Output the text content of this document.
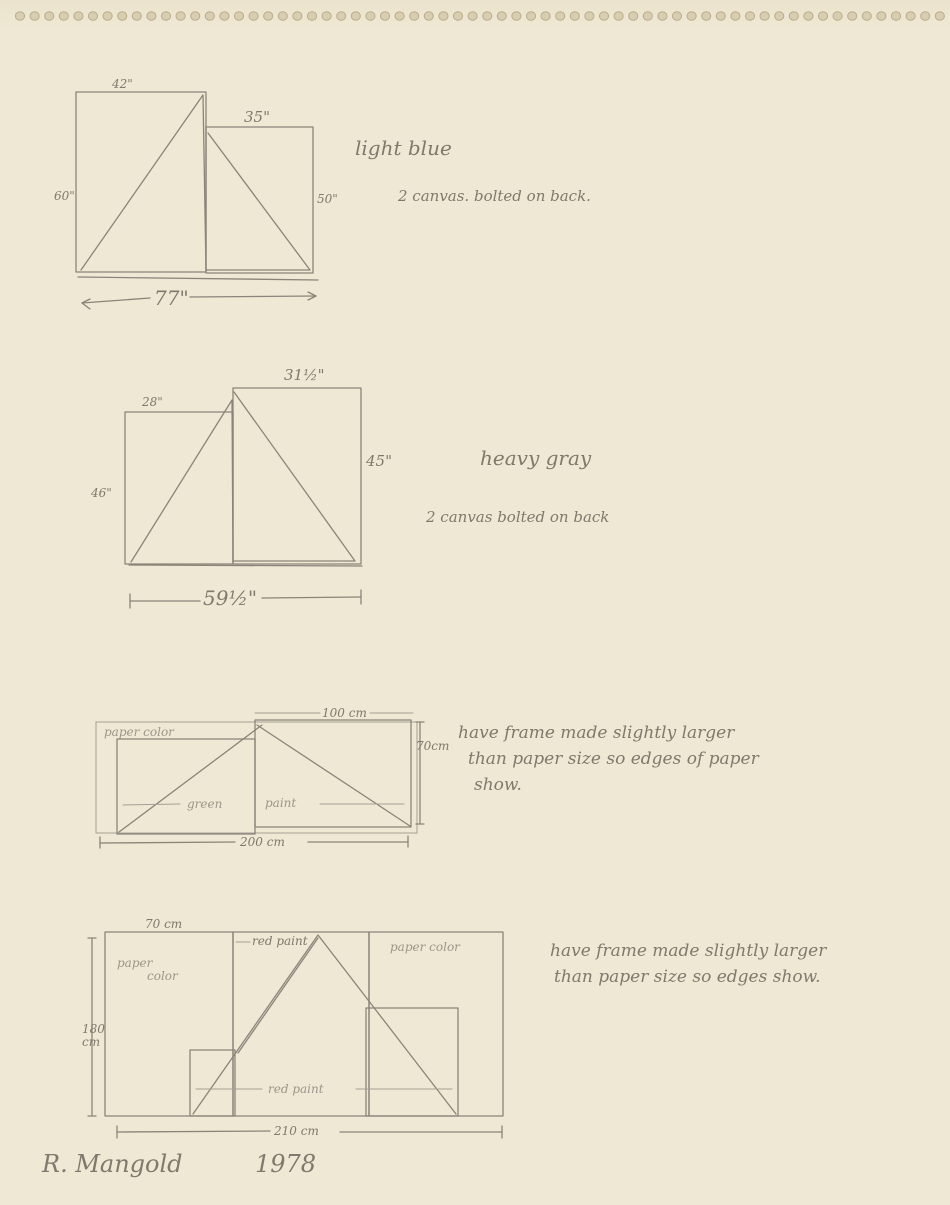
42"
35"
60"	50"
77"
light blue
2 canvas. bolted on back.
28"
31½"
46"
45"
59½"
heavy gray
2 canvas bolted on back
paper color
100 cm
70cm
green	paint
200 cm
have frame made slightly larger
than paper size so edges of paper
show.
70 cm
paper
color
red paint	paper color
180
cm
red paint
210 cm
have frame made slightly larger
than paper size so edges show.
R. Mangold	1978
